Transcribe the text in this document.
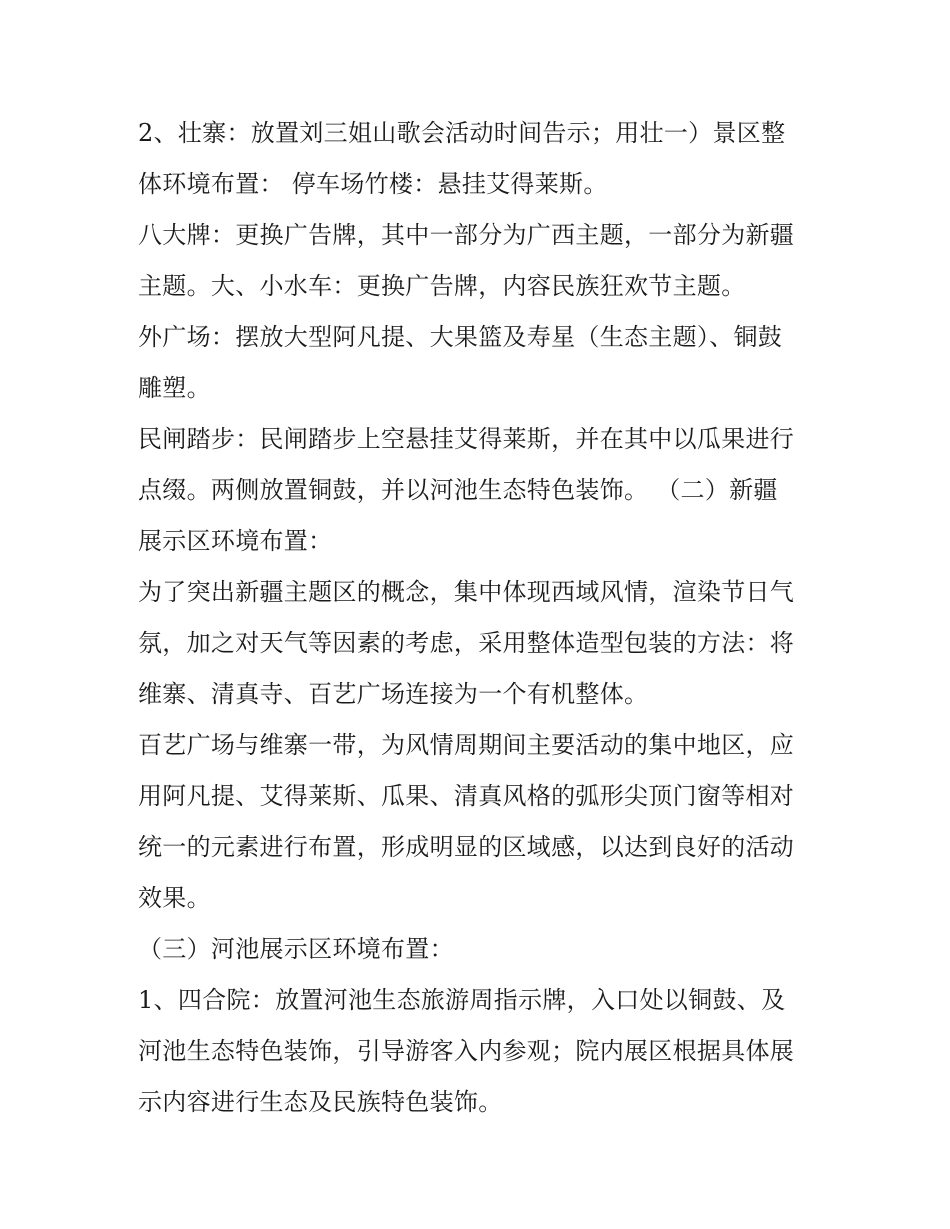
2、壮寨：放置刘三姐山歌会活动时间告示；用壮一）景区整
体环境布置： 停车场竹楼：悬挂艾得莱斯。
八大牌：更换广告牌，其中一部分为广西主题，一部分为新疆
主题。大、小水车：更换广告牌，内容民族狂欢节主题。
外广场：摆放大型阿凡提、大果篮及寿星（生态主题）、铜鼓
雕塑。
民闸踏步：民闸踏步上空悬挂艾得莱斯，并在其中以瓜果进行
点缀。两侧放置铜鼓，并以河池生态特色装饰。 （二）新疆
展示区环境布置：
为了突出新疆主题区的概念，集中体现西域风情，渲染节日气
氛，加之对天气等因素的考虑，采用整体造型包装的方法：将
维寨、清真寺、百艺广场连接为一个有机整体。
百艺广场与维寨一带，为风情周期间主要活动的集中地区，应
用阿凡提、艾得莱斯、瓜果、清真风格的弧形尖顶门窗等相对
统一的元素进行布置，形成明显的区域感，以达到良好的活动
效果。
（三）河池展示区环境布置：
1、四合院：放置河池生态旅游周指示牌，入口处以铜鼓、及
河池生态特色装饰，引导游客入内参观；院内展区根据具体展
示内容进行生态及民族特色装饰。
